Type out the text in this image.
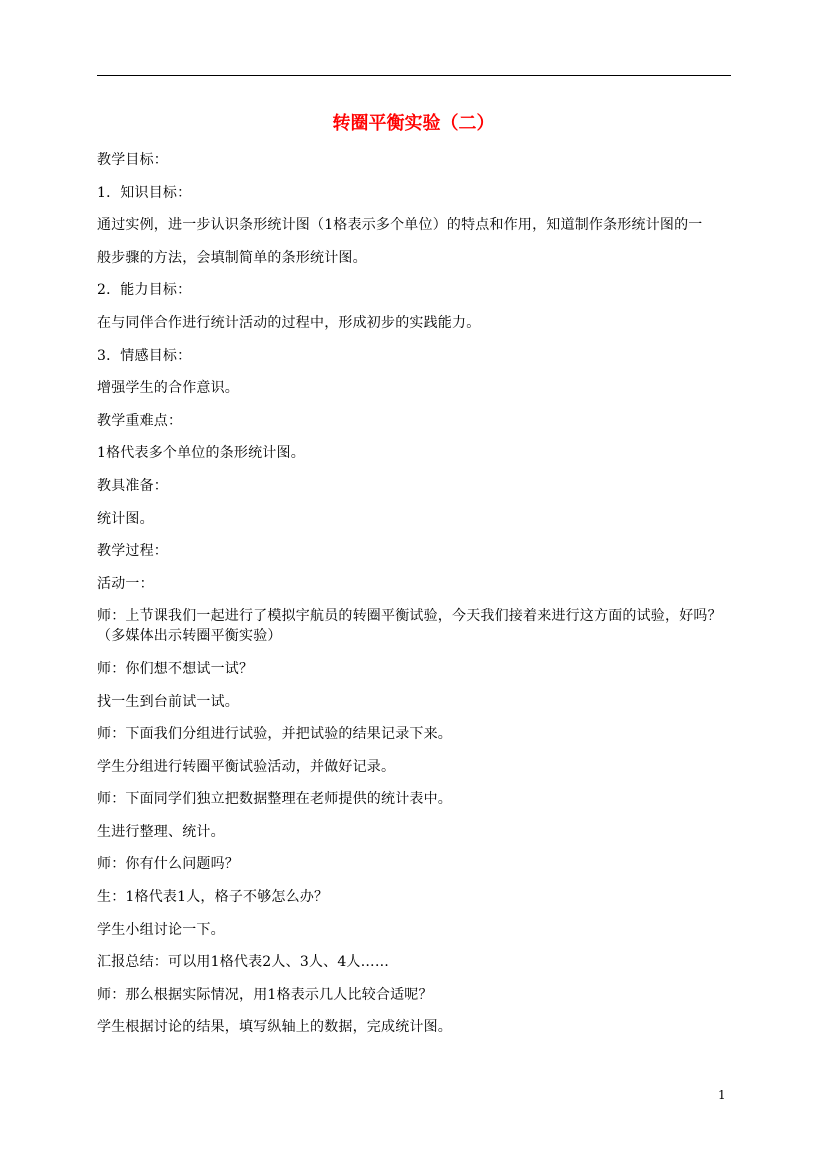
转圈平衡实验（二）
教学目标：
1．知识目标：
通过实例，进一步认识条形统计图（1格表示多个单位）的特点和作用，知道制作条形统计图的一
般步骤的方法，会填制简单的条形统计图。
2．能力目标：
在与同伴合作进行统计活动的过程中，形成初步的实践能力。
3．情感目标：
增强学生的合作意识。
教学重难点：
1格代表多个单位的条形统计图。
教具准备：
统计图。
教学过程：
活动一：
师：上节课我们一起进行了模拟宇航员的转圈平衡试验，今天我们接着来进行这方面的试验，好吗？
（多媒体出示转圈平衡实验）
师：你们想不想试一试？
找一生到台前试一试。
师：下面我们分组进行试验，并把试验的结果记录下来。
学生分组进行转圈平衡试验活动，并做好记录。
师：下面同学们独立把数据整理在老师提供的统计表中。
生进行整理、统计。
师：你有什么问题吗？
生：1格代表1人，格子不够怎么办？
学生小组讨论一下。
汇报总结：可以用1格代表2人、3人、4人……
师：那么根据实际情况，用1格表示几人比较合适呢？
学生根据讨论的结果，填写纵轴上的数据，完成统计图。
1
